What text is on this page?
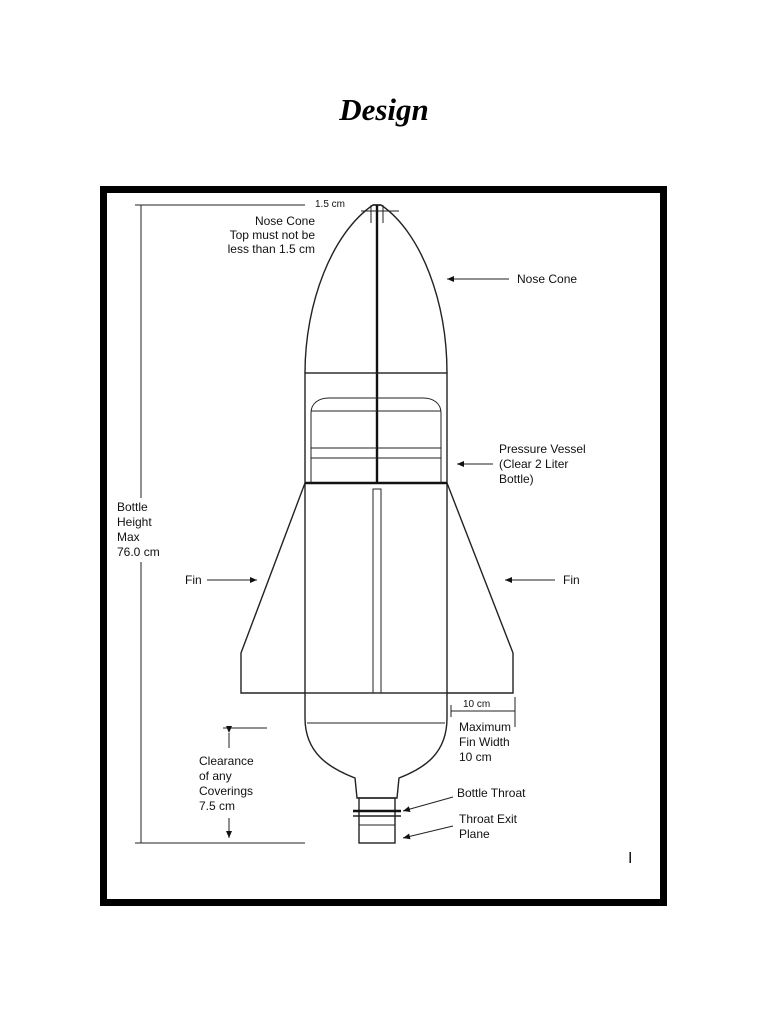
Design
1.5 cm
Nose Cone
Top must not be
less than 1.5 cm
Nose Cone
Pressure Vessel
(Clear 2 Liter
Bottle)
Bottle
Height
Max
76.0 cm
Fin	Fin
10 cm
Maximum
Fin Width
10 cm
Clearance
of any
Coverings
7.5 cm
Bottle Throat
Throat Exit
Plane
I
